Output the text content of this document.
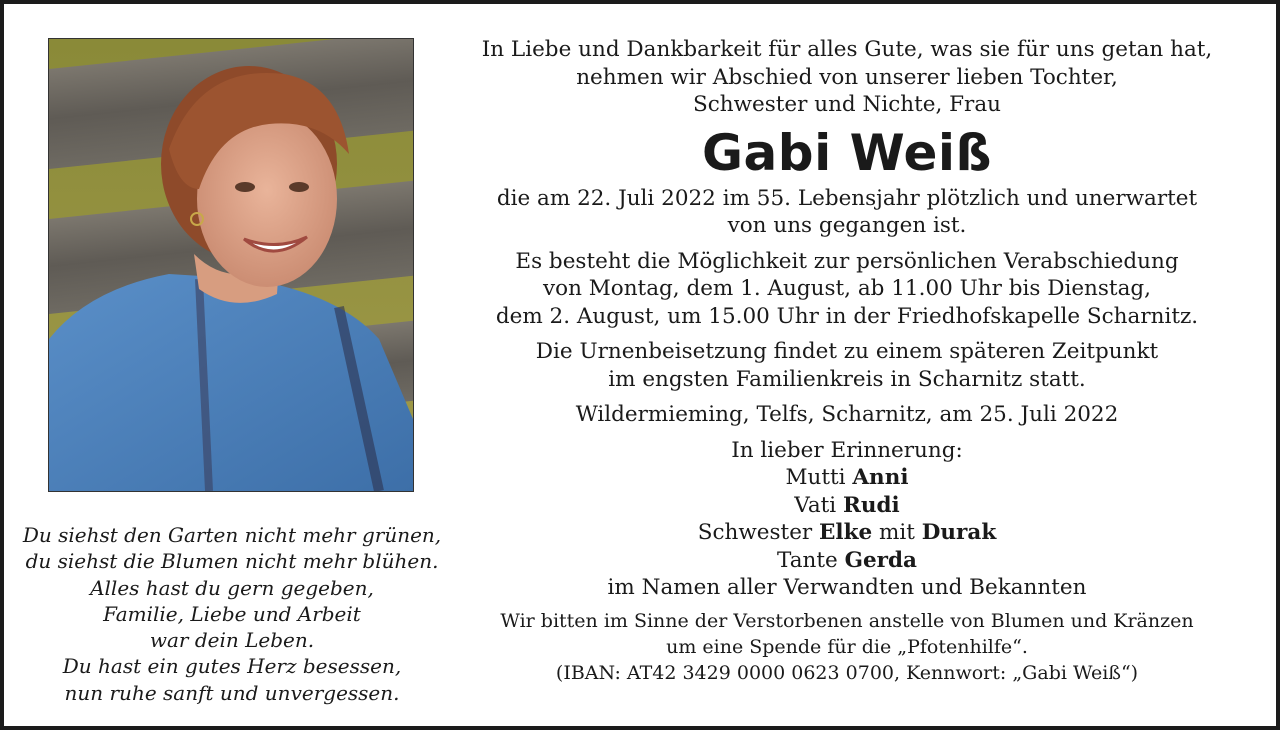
Du siehst den Garten nicht mehr grünen,
du siehst die Blumen nicht mehr blühen.
Alles hast du gern gegeben,
Familie, Liebe und Arbeit
war dein Leben.
Du hast ein gutes Herz besessen,
nun ruhe sanft und unvergessen.
In Liebe und Dankbarkeit für alles Gute, was sie für uns getan hat,
nehmen wir Abschied von unserer lieben Tochter,
Schwester und Nichte, Frau
Gabi Weiß
die am 22. Juli 2022 im 55. Lebensjahr plötzlich und unerwartet
von uns gegangen ist.
Es besteht die Möglichkeit zur persönlichen Verabschiedung
von Montag, dem 1. August, ab 11.00 Uhr bis Dienstag,
dem 2. August, um 15.00 Uhr in der Friedhofskapelle Scharnitz.
Die Urnenbeisetzung findet zu einem späteren Zeitpunkt
im engsten Familienkreis in Scharnitz statt.
Wildermieming, Telfs, Scharnitz, am 25. Juli 2022
In lieber Erinnerung:
Mutti Anni
Vati Rudi
Schwester Elke mit Durak
Tante Gerda
im Namen aller Verwandten und Bekannten
Wir bitten im Sinne der Verstorbenen anstelle von Blumen und Kränzen
um eine Spende für die „Pfotenhilfe“.
(IBAN: AT42 3429 0000 0623 0700, Kennwort: „Gabi Weiß“)
